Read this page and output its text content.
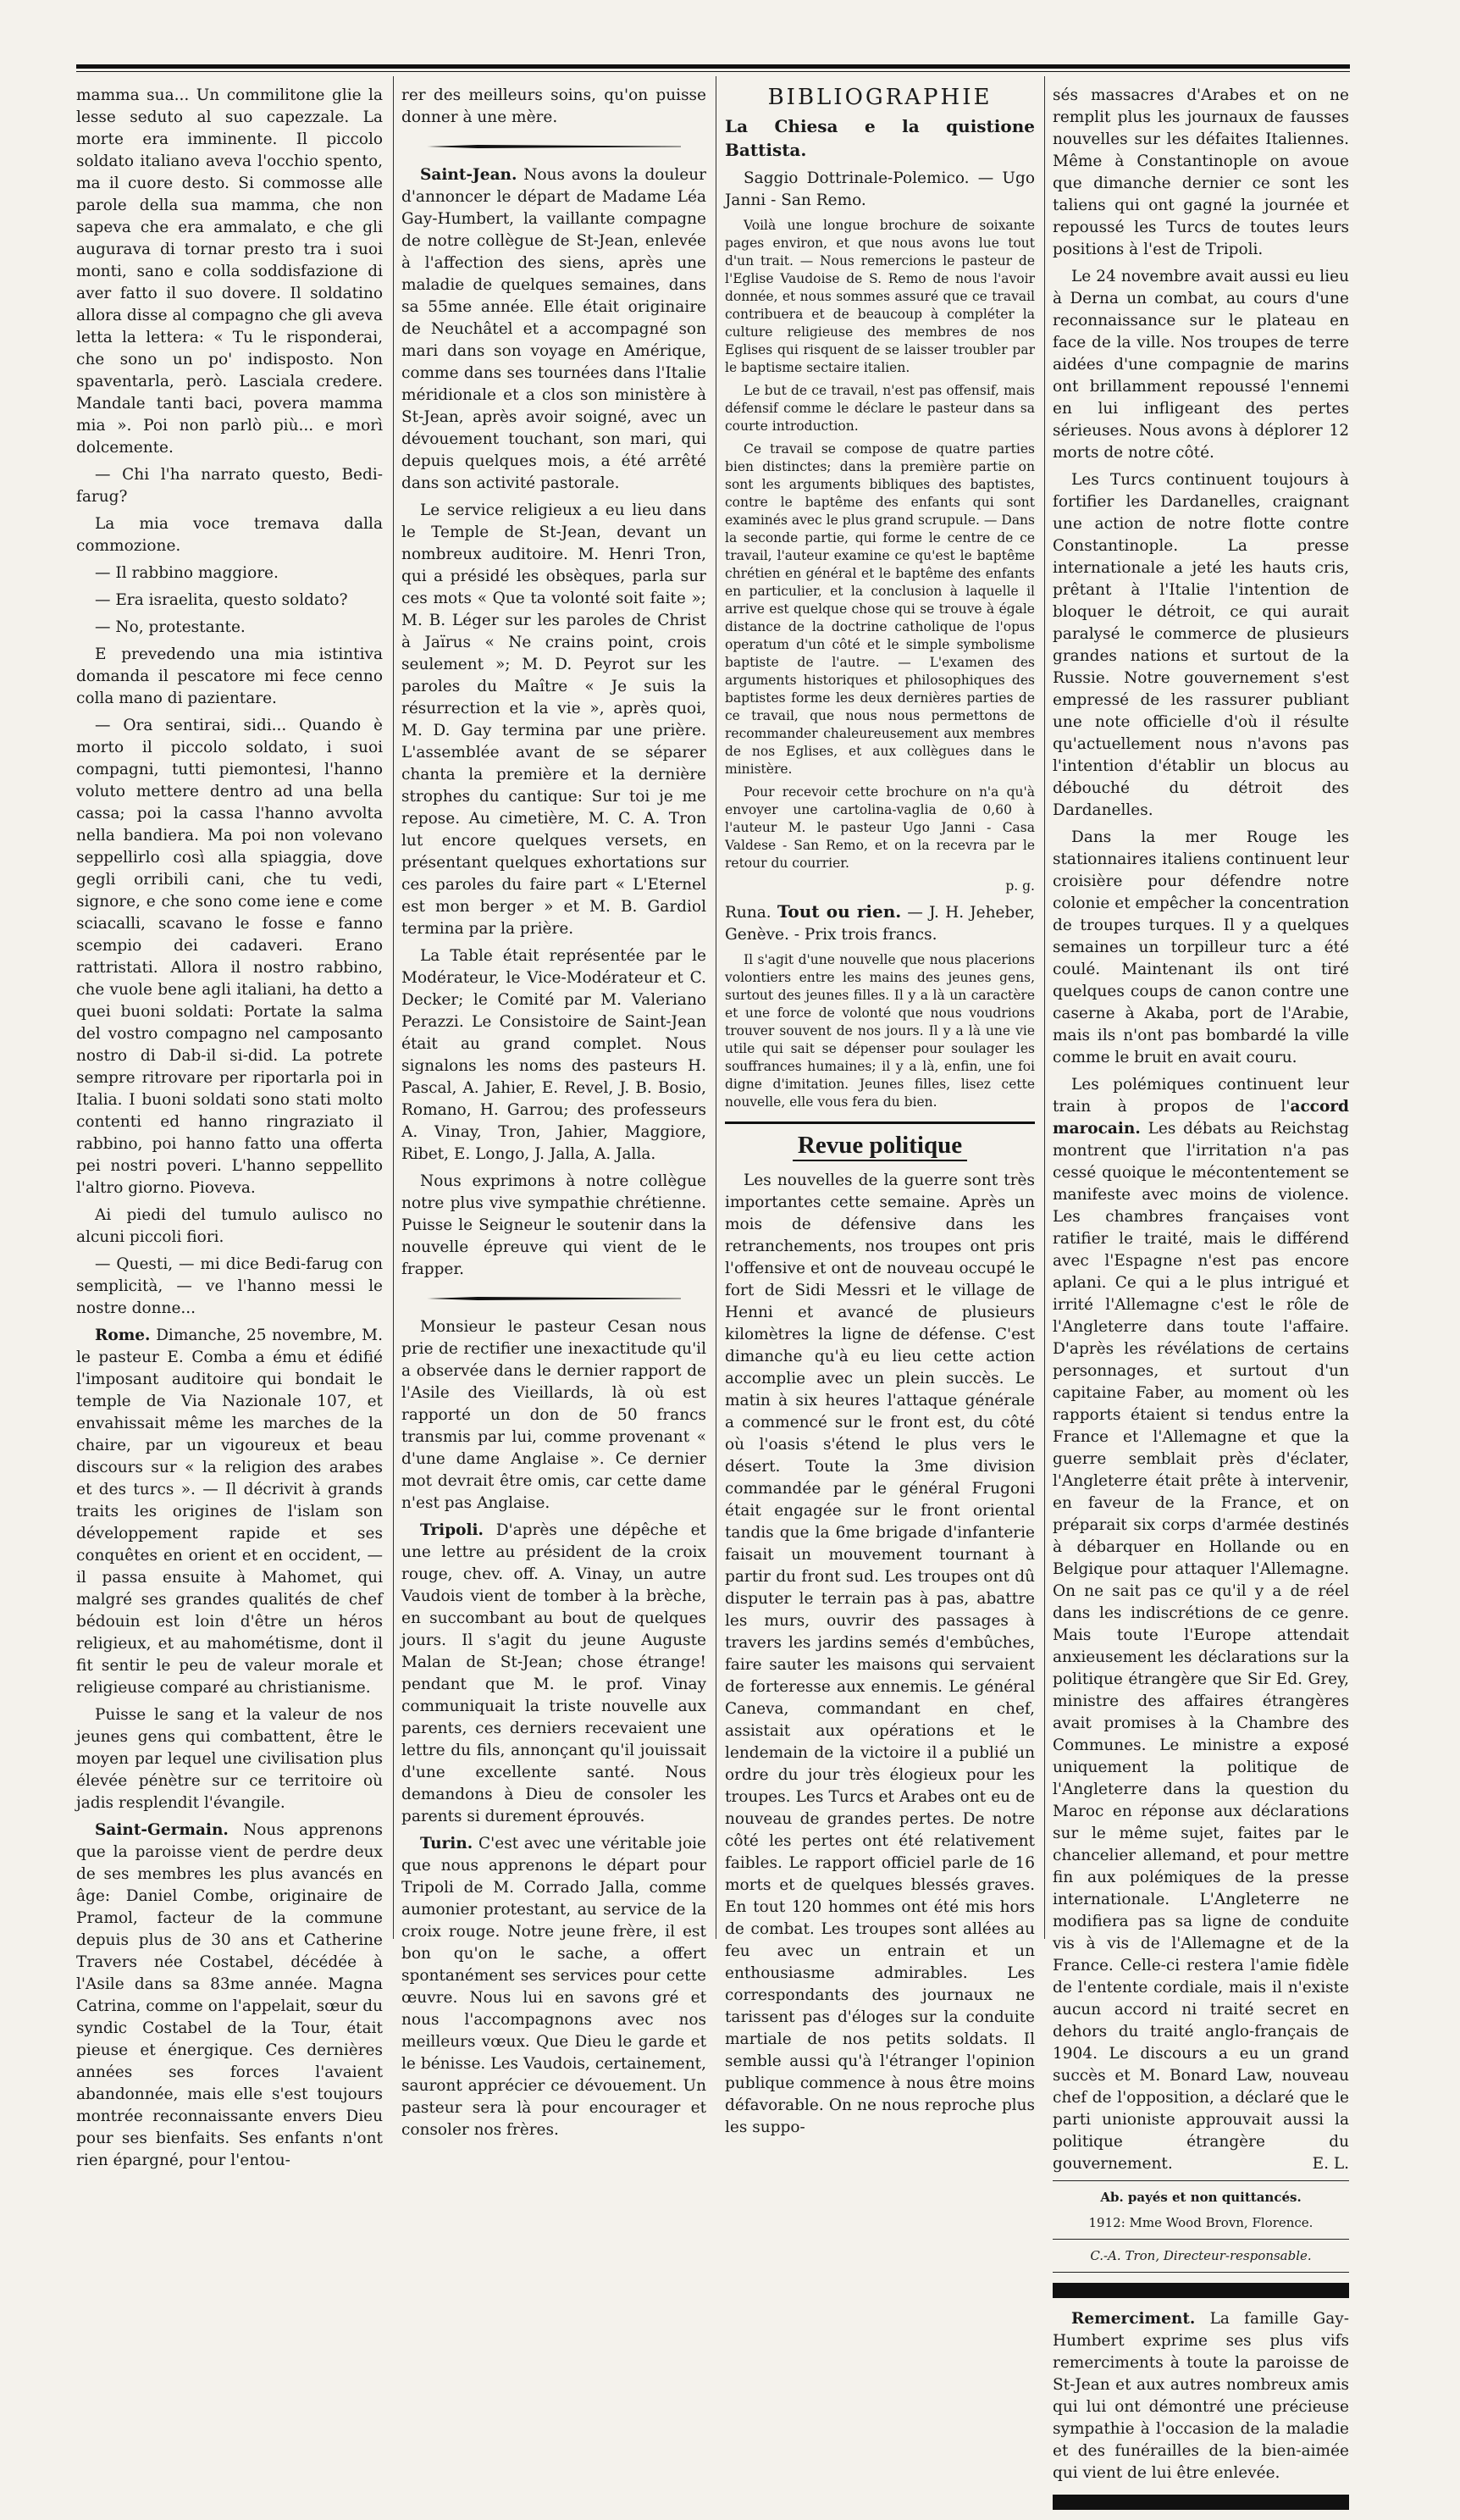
mamma sua... Un commilitone glie la lesse seduto al suo capezzale. La morte era imminente. Il piccolo soldato italiano aveva l'occhio spento, ma il cuore desto. Si commosse alle parole della sua mamma, che non sapeva che era ammalato, e che gli augurava di tornar presto tra i suoi monti, sano e colla soddisfazione di aver fatto il suo dovere. Il soldatino allora disse al compagno che gli aveva letta la lettera: « Tu le risponderai, che sono un po' indisposto. Non spaventarla, però. Lasciala credere. Mandale tanti baci, povera mamma mia ». Poi non parlò più... e morì dolcemente.

— Chi l'ha narrato questo, Bedi-farug?

La mia voce tremava dalla commozione.

— Il rabbino maggiore.

— Era israelita, questo soldato?

— No, protestante.

E prevedendo una mia istintiva domanda il pescatore mi fece cenno colla mano di pazientare.

— Ora sentirai, sidi... Quando è morto il piccolo soldato, i suoi compagni, tutti piemontesi, l'hanno voluto mettere dentro ad una bella cassa; poi la cassa l'hanno avvolta nella bandiera. Ma poi non volevano seppellirlo così alla spiaggia, dove gegli orribili cani, che tu vedi, signore, e che sono come iene e come sciacalli, scavano le fosse e fanno scempio dei cadaveri. Erano rattristati. Allora il nostro rabbino, che vuole bene agli italiani, ha detto a quei buoni soldati: Portate la salma del vostro compagno nel camposanto nostro di Dab-il si-did. La potrete sempre ritrovare per riportarla poi in Italia. I buoni soldati sono stati molto contenti ed hanno ringraziato il rabbino, poi hanno fatto una offerta pei nostri poveri. L'hanno seppellito l'altro giorno. Pioveva.

Ai piedi del tumulo aulisco no alcuni piccoli fiori.

— Questi, — mi dice Bedi-farug con semplicità, — ve l'hanno messi le nostre donne...

Rome. Dimanche, 25 novembre, M. le pasteur E. Comba a ému et édifié l'imposant auditoire qui bondait le temple de Via Nazionale 107, et envahissait même les marches de la chaire, par un vigoureux et beau discours sur « la religion des arabes et des turcs ». — Il décrivit à grands traits les origines de l'islam son développement rapide et ses conquêtes en orient et en occident, — il passa ensuite à Mahomet, qui malgré ses grandes qualités de chef bédouin est loin d'être un héros religieux, et au mahométisme, dont il fit sentir le peu de valeur morale et religieuse comparé au christianisme.

Puisse le sang et la valeur de nos jeunes gens qui combattent, être le moyen par lequel une civilisation plus élevée pénètre sur ce territoire où jadis resplendit l'évangile.

Saint-Germain. Nous apprenons que la paroisse vient de perdre deux de ses membres les plus avancés en âge: Daniel Combe, originaire de Pramol, facteur de la commune depuis plus de 30 ans et Catherine Travers née Costabel, décédée à l'Asile dans sa 83me année. Magna Catrina, comme on l'appelait, sœur du syndic Costabel de la Tour, était pieuse et énergique. Ces dernières années ses forces l'avaient abandonnée, mais elle s'est toujours montrée reconnaissante envers Dieu pour ses bienfaits. Ses enfants n'ont rien épargné, pour l'entou-

rer des meilleurs soins, qu'on puisse donner à une mère.

Saint-Jean. Nous avons la douleur d'annoncer le départ de Madame Léa Gay-Humbert, la vaillante compagne de notre collègue de St-Jean, enlevée à l'affection des siens, après une maladie de quelques semaines, dans sa 55me année. Elle était originaire de Neuchâtel et a accompagné son mari dans son voyage en Amérique, comme dans ses tournées dans l'Italie méridionale et a clos son ministère à St-Jean, après avoir soigné, avec un dévouement touchant, son mari, qui depuis quelques mois, a été arrêté dans son activité pastorale.

Le service religieux a eu lieu dans le Temple de St-Jean, devant un nombreux auditoire. M. Henri Tron, qui a présidé les obsèques, parla sur ces mots « Que ta volonté soit faite »; M. B. Léger sur les paroles de Christ à Jaïrus « Ne crains point, crois seulement »; M. D. Peyrot sur les paroles du Maître « Je suis la résurrection et la vie », après quoi, M. D. Gay termina par une prière. L'assemblée avant de se séparer chanta la première et la dernière strophes du cantique: Sur toi je me repose. Au cimetière, M. C. A. Tron lut encore quelques versets, en présentant quelques exhortations sur ces paroles du faire part « L'Eternel est mon berger » et M. B. Gardiol termina par la prière.

La Table était représentée par le Modérateur, le Vice-Modérateur et C. Decker; le Comité par M. Valeriano Perazzi. Le Consistoire de Saint-Jean était au grand complet. Nous signalons les noms des pasteurs H. Pascal, A. Jahier, E. Revel, J. B. Bosio, Romano, H. Garrou; des professeurs A. Vinay, Tron, Jahier, Maggiore, Ribet, E. Longo, J. Jalla, A. Jalla.

Nous exprimons à notre collègue notre plus vive sympathie chrétienne. Puisse le Seigneur le soutenir dans la nouvelle épreuve qui vient de le frapper.

Monsieur le pasteur Cesan nous prie de rectifier une inexactitude qu'il a observée dans le dernier rapport de l'Asile des Vieillards, là où est rapporté un don de 50 francs transmis par lui, comme provenant « d'une dame Anglaise ». Ce dernier mot devrait être omis, car cette dame n'est pas Anglaise.

Tripoli. D'après une dépêche et une lettre au président de la croix rouge, chev. off. A. Vinay, un autre Vaudois vient de tomber à la brèche, en succombant au bout de quelques jours. Il s'agit du jeune Auguste Malan de St-Jean; chose étrange! pendant que M. le prof. Vinay communiquait la triste nouvelle aux parents, ces derniers recevaient une lettre du fils, annonçant qu'il jouissait d'une excellente santé. Nous demandons à Dieu de consoler les parents si durement éprouvés.

Turin. C'est avec une véritable joie que nous apprenons le départ pour Tripoli de M. Corrado Jalla, comme aumonier protestant, au service de la croix rouge. Notre jeune frère, il est bon qu'on le sache, a offert spontanément ses services pour cette œuvre. Nous lui en savons gré et nous l'accompagnons avec nos meilleurs vœux. Que Dieu le garde et le bénisse. Les Vaudois, certainement, sauront apprécier ce dévouement. Un pasteur sera là pour encourager et consoler nos frères.

BIBLIOGRAPHIE

La Chiesa e la quistione Battista.

Saggio Dottrinale-Polemico. — Ugo Janni - San Remo.

Voilà une longue brochure de soixante pages environ, et que nous avons lue tout d'un trait. — Nous remercions le pasteur de l'Eglise Vaudoise de S. Remo de nous l'avoir donnée, et nous sommes assuré que ce travail contribuera et de beaucoup à compléter la culture religieuse des membres de nos Eglises qui risquent de se laisser troubler par le baptisme sectaire italien.

Le but de ce travail, n'est pas offensif, mais défensif comme le déclare le pasteur dans sa courte introduction.

Ce travail se compose de quatre parties bien distinctes; dans la première partie on sont les arguments bibliques des baptistes, contre le baptême des enfants qui sont examinés avec le plus grand scrupule. — Dans la seconde partie, qui forme le centre de ce travail, l'auteur examine ce qu'est le baptême chrétien en général et le baptême des enfants en particulier, et la conclusion à laquelle il arrive est quelque chose qui se trouve à égale distance de la doctrine catholique de l'opus operatum d'un côté et le simple symbolisme baptiste de l'autre. — L'examen des arguments historiques et philosophiques des baptistes forme les deux dernières parties de ce travail, que nous nous permettons de recommander chaleureusement aux membres de nos Eglises, et aux collègues dans le ministère.

Pour recevoir cette brochure on n'a qu'à envoyer une cartolina-vaglia de 0,60 à l'auteur M. le pasteur Ugo Janni - Casa Valdese - San Remo, et on la recevra par le retour du courrier.

p. g.

Runa. Tout ou rien. — J. H. Jeheber, Genève. - Prix trois francs.

Il s'agit d'une nouvelle que nous placerions volontiers entre les mains des jeunes gens, surtout des jeunes filles. Il y a là un caractère et une force de volonté que nous voudrions trouver souvent de nos jours. Il y a là une vie utile qui sait se dépenser pour soulager les souffrances humaines; il y a là, enfin, une foi digne d'imitation. Jeunes filles, lisez cette nouvelle, elle vous fera du bien.

Revue politique

Les nouvelles de la guerre sont très importantes cette semaine. Après un mois de défensive dans les retranchements, nos troupes ont pris l'offensive et ont de nouveau occupé le fort de Sidi Messri et le village de Henni et avancé de plusieurs kilomètres la ligne de défense. C'est dimanche qu'à eu lieu cette action accomplie avec un plein succès. Le matin à six heures l'attaque générale a commencé sur le front est, du côté où l'oasis s'étend le plus vers le désert. Toute la 3me division commandée par le général Frugoni était engagée sur le front oriental tandis que la 6me brigade d'infanterie faisait un mouvement tournant à partir du front sud. Les troupes ont dû disputer le terrain pas à pas, abattre les murs, ouvrir des passages à travers les jardins semés d'embûches, faire sauter les maisons qui servaient de forteresse aux ennemis. Le général Caneva, commandant en chef, assistait aux opérations et le lendemain de la victoire il a publié un ordre du jour très élogieux pour les troupes. Les Turcs et Arabes ont eu de nouveau de grandes pertes. De notre côté les pertes ont été relativement faibles. Le rapport officiel parle de 16 morts et de quelques blessés graves. En tout 120 hommes ont été mis hors de combat. Les troupes sont allées au feu avec un entrain et un enthousiasme admirables. Les correspondants des journaux ne tarissent pas d'éloges sur la conduite martiale de nos petits soldats. Il semble aussi qu'à l'étranger l'opinion publique commence à nous être moins défavorable. On ne nous reproche plus les suppo-

sés massacres d'Arabes et on ne remplit plus les journaux de fausses nouvelles sur les défaites Italiennes. Même à Constantinople on avoue que dimanche dernier ce sont les taliens qui ont gagné la journée et repoussé les Turcs de toutes leurs positions à l'est de Tripoli.

Le 24 novembre avait aussi eu lieu à Derna un combat, au cours d'une reconnaissance sur le plateau en face de la ville. Nos troupes de terre aidées d'une compagnie de marins ont brillamment repoussé l'ennemi en lui infligeant des pertes sérieuses. Nous avons à déplorer 12 morts de notre côté.

Les Turcs continuent toujours à fortifier les Dardanelles, craignant une action de notre flotte contre Constantinople. La presse internationale a jeté les hauts cris, prêtant à l'Italie l'intention de bloquer le détroit, ce qui aurait paralysé le commerce de plusieurs grandes nations et surtout de la Russie. Notre gouvernement s'est empressé de les rassurer publiant une note officielle d'où il résulte qu'actuellement nous n'avons pas l'intention d'établir un blocus au débouché du détroit des Dardanelles.

Dans la mer Rouge les stationnaires italiens continuent leur croisière pour défendre notre colonie et empêcher la concentration de troupes turques. Il y a quelques semaines un torpilleur turc a été coulé. Maintenant ils ont tiré quelques coups de canon contre une caserne à Akaba, port de l'Arabie, mais ils n'ont pas bombardé la ville comme le bruit en avait couru.

Les polémiques continuent leur train à propos de l'accord marocain. Les débats au Reichstag montrent que l'irritation n'a pas cessé quoique le mécontentement se manifeste avec moins de violence. Les chambres françaises vont ratifier le traité, mais le différend avec l'Espagne n'est pas encore aplani. Ce qui a le plus intrigué et irrité l'Allemagne c'est le rôle de l'Angleterre dans toute l'affaire. D'après les révélations de certains personnages, et surtout d'un capitaine Faber, au moment où les rapports étaient si tendus entre la France et l'Allemagne et que la guerre semblait près d'éclater, l'Angleterre était prête à intervenir, en faveur de la France, et on préparait six corps d'armée destinés à débarquer en Hollande ou en Belgique pour attaquer l'Allemagne. On ne sait pas ce qu'il y a de réel dans les indiscrétions de ce genre. Mais toute l'Europe attendait anxieusement les déclarations sur la politique étrangère que Sir Ed. Grey, ministre des affaires étrangères avait promises à la Chambre des Communes. Le ministre a exposé uniquement la politique de l'Angleterre dans la question du Maroc en réponse aux déclarations sur le même sujet, faites par le chancelier allemand, et pour mettre fin aux polémiques de la presse internationale. L'Angleterre ne modifiera pas sa ligne de conduite vis à vis de l'Allemagne et de la France. Celle-ci restera l'amie fidèle de l'entente cordiale, mais il n'existe aucun accord ni traité secret en dehors du traité anglo-français de 1904. Le discours a eu un grand succès et M. Bonard Law, nouveau chef de l'opposition, a déclaré que le parti unioniste approuvait aussi la politique étrangère du gouvernement.	E. L.

Ab. payés et non quittancés.
1912: Mme Wood Brovn, Florence.
C.-A. Tron, Directeur-responsable.

Remerciment. La famille Gay-Humbert exprime ses plus vifs remerciments à toute la paroisse de St-Jean et aux autres nombreux amis qui lui ont démontré une précieuse sympathie à l'occasion de la maladie et des funérailles de la bien-aimée qui vient de lui être enlevée.
